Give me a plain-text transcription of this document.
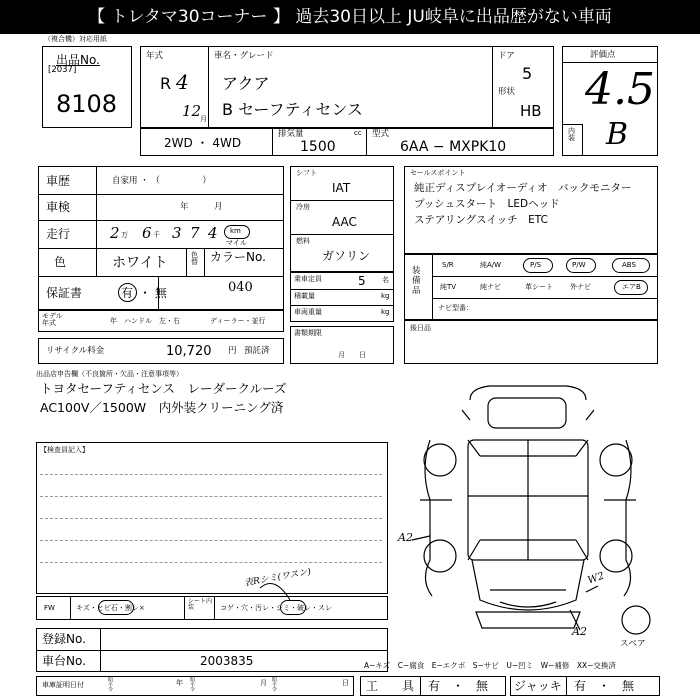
【 トレタマ30コーナー 】 過去30日以上 JU岐阜に出品歴がない車両
（複合機）対応用紙
出品No.
[2037]
8108
年式
R 4
12
月
車名・グレード
アクア
B セーフティセンス
ドア
5
形状
HB
2WD ・ 4WD
排気量	cc
1500
型式
6AA − MXPK10
評価点
4.5
内装 B
車歴	自家用 ・ （　　　　　）
車検	年　　　月
走行	2 万 6 千 3 7 4 km
マイル
色	ホワイト	色替 カラーNo.
040
保証書	有 ・ 無
モデル年式	年 ハンドル　左・右	ディーラー・並行
リサイクル料金	10,720 円 預託済
シフト
IAT
冷房
AAC
燃料
ガソリン
乗車定員	5 名
積載量	kg
車両重量	kg
書類期限
月　　日
セールスポイント
純正ディスプレイオーディオ　バックモニター
プッシュスタート　LEDヘッド
ステアリングスイッチ　ETC
装備品
S/R	純A/W	P/S	P/W	ABS
純TV	純ナビ	革シート 外ナビ	エアB
ナビ型番：
後日品
出品店申告欄（不良箇所・欠品・注意事項等）
トヨタセーフティセンス　レーダークルーズ
AC100V／1500W　内外装クリーニング済
【検査員記入】
FW	キズ・ヒビ石・割レ×
シート内装	コゲ・穴・汚レ・シミ・破レ・スレ
表Rシミ(ワスン)
登録No.
車台No.	2003835
車庫証明日付
昭平令
年 昭平令
月 昭平令
日
A−キズ　C−腐食　E−エクボ　S−サビ　U−凹ミ　W−補修　XX−交換済
工　　具 有　・　無 ジャッキ 有　・　無
A2
W2
A2
スペア
